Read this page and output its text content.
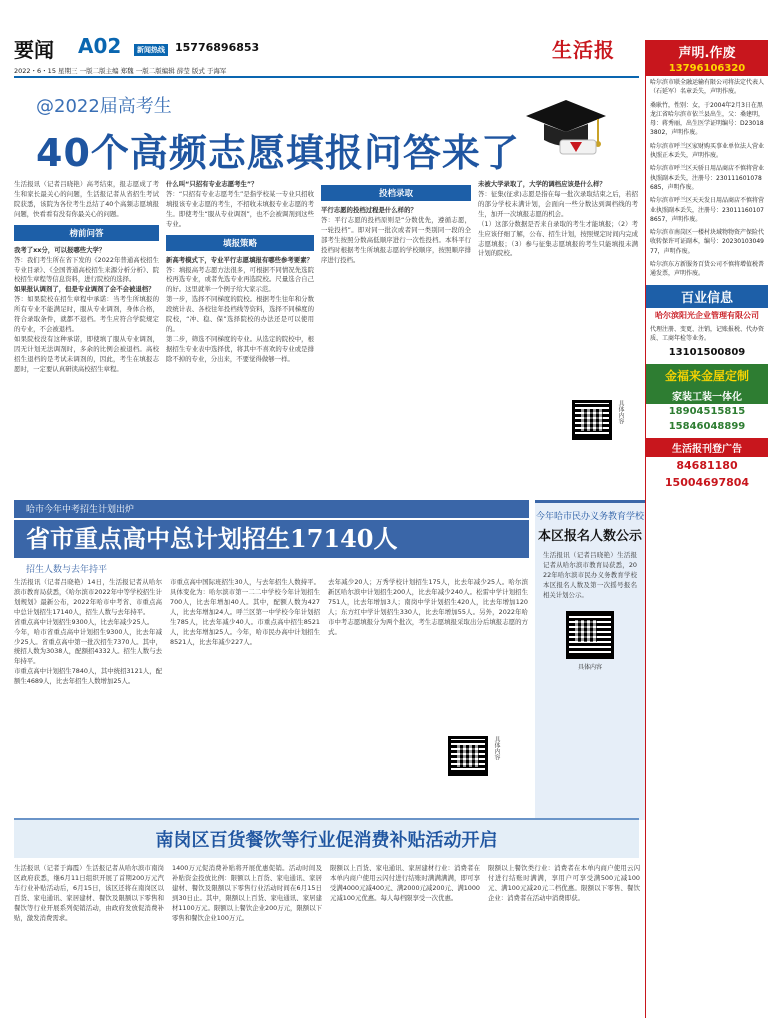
要闻 A02	新闻热线 15776896853	生活报
2022・6・15 星期三 一版二版主编 郑魏 一版二版编辑 薛莹 版式 于海军
@2022届高考生
40个高频志愿填报问答来了

生活报讯（记者吕晓艳）高考结束，报志愿成了考生和家长最关心的问题，生活报记者从省招生考试院获悉，该院为各位考生总结了40个高频志愿填报问题，快看看有没有你最关心的问题。

榜前问答

我考了xx分，可以报哪些大学？

答：我们考生所在省下发的《2022年普通高校招生专业目录》、《全国普通高校招生来源分析分析》、院校招生章程等信息资料，进行院校的选择。

如果报认调剂了，但是专业调剂了会不会被退档？

答：如果院校在招生章程中承诺：当考生所填报的所有专业不能满足时，服从专业调剂，身体合格，符合录取条件，就都不退档。考生应符合学院规定的专业，不会被退档。

如果院校没有这种承诺，即使填了服从专业调剂，因无计划无法调剂时，多余的比例会被退档。高校招生退档的是考试未调剂的，因此，考生在填报志愿时，一定要认真研读高校招生章程。

什么叫“只招有专业志愿考生”？

答：“只招有专业志愿考生”是指学校某一专业只招收填报该专业志愿的考生，不招收未填报专业志愿的考生。即使考生“服从专业调剂”，也不会被调剂到这些专业。

填报策略

新高考模式下，专业平行志愿填报有哪些参考要素？

答：填报高考志愿方法很多，可根据不同情况先选院校再选专业，或者先选专业再选院校。尺量选合自己的好。这里就举一个例子给大家示范。

第一步，选择不同梯度的院校。根据考生往年和分数段统计表、各校往年投档线等资料，选择不同梯度的院校，“冲、稳、保”选择院校的办法还是可以使用的。

第二步，筛选不同梯度的专业。从选定的院校中，根据招生专业表中选择优，将其中不喜欢的专业或是排除不掉的专业，分出来，不要觉得做够一样。

投档录取

平行志愿的投档过程是什么样的？

答：平行志愿的投档原则是“分数优先，遵循志愿，一轮投档”。即对同一批次或者同一类别同一段的全部考生按照分数高低顺序进行一次性投档。本科平行投档时根据考生所填报志愿的学校顺序，按照顺序排序进行投档。

未被大学录取了，大学的调档应该是什么样？

答：征集(征求)志愿是指在每一批次录取结束之后，若招的部分学校未满计划，会面向一些分数达到调档线的考生，加开一次填报志愿的机会。

（1）这部分数据是否来自录取的考生才能填报；（2）考生应该仔细了解，公布、招生计划，按照规定时间内完成志愿填报；（3）参与征集志愿填报的考生只能填报未满计划的院校。

具体内容
哈市今年中考招生计划出炉
省市重点高中总计划招生17140人
招生人数与去年持平

生活报讯（记者吕晓艳）14日，生活报记者从哈尔滨市教育局获悉，《哈尔滨市2022年中等学校招生计划规划》最新公布，2022年哈市中考省、市重点高中总计划招生17140人，招生人数与去年持平。

省重点高中计划招生9300人，比去年减少25人。

今年，哈市省重点高中计划招生9300人，比去年减少25人。省重点高中第一批次招生7370人。其中，统招人数为3038人，配额招4332人。招生人数与去年持平。

市重点高中计划招生7840人，其中统招3121人，配额生4689人，比去年招生人数增加25人。

市重点高中国际班招生30人，与去年招生人数持平。具体变化为：哈尔滨市第一二二中学校今年计划招生700人，比去年增加40人。其中，配额人数为427人，比去年增加24人。呼兰区第一中学校今年计划招生785人，比去年减少40人。市重点高中招生8521人，比去年增加25人。今年，哈市民办高中计划招生8521人，比去年减少227人。

去年减少20人；万秀学校计划招生175人，比去年减少25人。哈尔滨新区哈尔滨中计划招生200人，比去年减少240人。松雷中学计划招生751人，比去年增加3人；南岗中学计划招生420人，比去年增加120人；东方红中学计划招生330人，比去年增加55人。另外，2022年哈市中考志愿填报分为两个批次，考生志愿填报采取出分后填报志愿的方式。

具体内容
今年哈市民办义务教育学校
本区报名人数公示

生活报讯（记者吕晓艳）生活报记者从哈尔滨市教育局获悉，2022年哈尔滨市民办义务教育学校本区报名人数及第一次摇号报名相关计划公示。

具体内容
南岗区百货餐饮等行业促消费补贴活动开启

生活报讯（记者于海霞）生活报记者从哈尔滨市南岗区政府获悉，继6月11日组织开展了首期200万元汽车行业补贴活动后，6月15日，该区还将在南岗区以百货、家电通讯、家居建材、餐饮及限额以下零售和餐饮等行业开展系列促销活动，由政府发放促消费补贴，激发消费需求。

1400万元促消费补贴将开展优惠促销。活动时间及补贴资金投放比例：限额以上百货、家电通讯、家居建材、餐饮及限额以下零售行业活动时间在6月15日到30日止。其中，限额以上百货、家电通讯、家居建材1100万元。限额以上餐饮企业200万元，限额以下零售和餐饮企业100万元。

限额以上百货、家电通讯、家居建材行业：消费者在本单内商户使用云闪付进行结账时满满满满，即可享受满4000元减400元、满2000元减200元、满1000元减100元优惠。每人每档限享受一次优惠。

限额以上餐饮类行业：消费者在本单内商户使用云闪付进行结账时满满，享用户可享受满500元减100元、满100元减20元二档优惠。限额以下零售、餐饮企业：消费者在活动中消费即获。

声明.作废
13796106320

哈尔滨市联全融运输有限公司将法定代表人（石延军）名章丢失，声明作废。

桑耿竹，性别：女，于2004年2月3日在黑龙江省哈尔滨市依兰县出生，父：桑建明，母：蒋秀丽，出生医学证明编号：D230183802，声明作废。

哈尔滨市呼兰区家财购买事业单位法人营业执照正本丢失，声明作废。

哈尔滨市呼兰区天骄日用品商店不慎将营业执照副本丢失，注册号：230111601078685，声明作废。

哈尔滨市呼兰区天天发日用品商店不慎将营业执照副本丢失，注册号：230111601078657，声明作废。

哈尔滨市南岗区一楼村块域物物资产保险代收转保许可证副本，编号：2023010304977，声明作废。

哈尔滨东方新服务百货公司不慎将增值税普通发票，声明作废。

百业信息
哈尔滨阳光企业管理有限公司
代理注册、变更、注销，记账报税、代办资质、工商年检等业务。
13101500809
金福来金屋定制
家装工装一体化
18904515815
15846048899
生活报刊登广告
84681180
15004697804
